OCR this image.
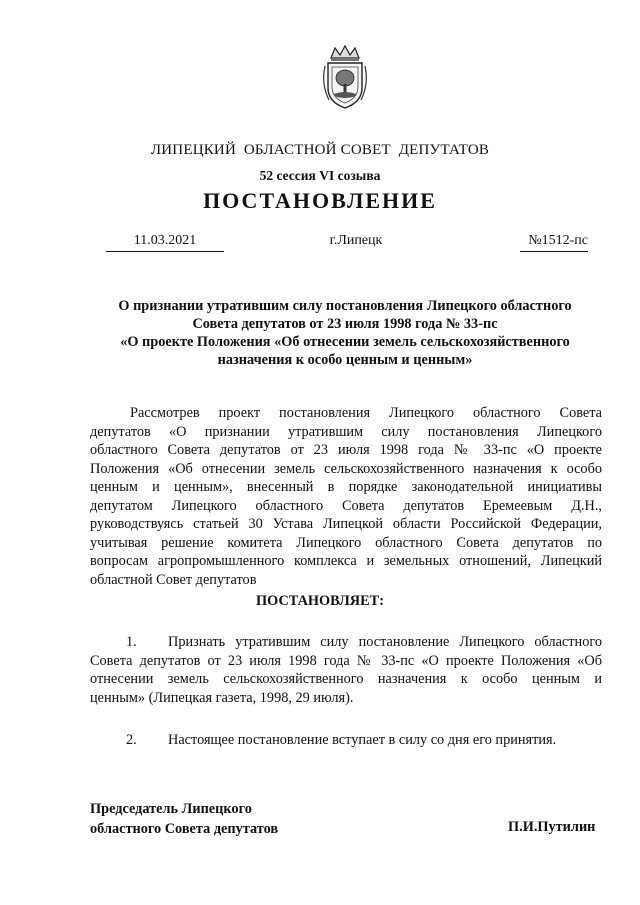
ЛИПЕЦКИЙ  ОБЛАСТНОЙ СОВЕТ  ДЕПУТАТОВ
52 сессия VI созыва
ПОСТАНОВЛЕНИЕ
11.03.2021	г.Липецк	№1512-пс
О признании утратившим силу постановления Липецкого областного
Совета депутатов от 23 июля 1998 года № 33-пс
«О проекте Положения «Об отнесении земель сельскохозяйственного
назначения к особо ценным и ценным»
Рассмотрев проект постановления Липецкого областного Совета
депутатов «О признании утратившим силу постановления Липецкого
областного Совета депутатов от 23 июля 1998 года № 33-пс «О проекте
Положения «Об отнесении земель сельскохозяйственного назначения к особо
ценным и ценным», внесенный в порядке законодательной инициативы
депутатом Липецкого областного Совета депутатов Еремеевым Д.Н.,
руководствуясь статьей 30 Устава Липецкой области Российской Федерации,
учитывая решение комитета Липецкого областного Совета депутатов по
вопросам агропромышленного комплекса и земельных отношений, Липецкий
областной Совет депутатов
ПОСТАНОВЛЯЕТ:
1. Признать утратившим силу постановление Липецкого областного
Совета депутатов от 23 июля 1998 года № 33-пс «О проекте Положения «Об
отнесении земель сельскохозяйственного назначения к особо ценным и
ценным» (Липецкая газета, 1998, 29 июля).
2. Настоящее постановление вступает в силу со дня его принятия.
Председатель Липецкого
областного Совета депутатов	П.И.Путилин
